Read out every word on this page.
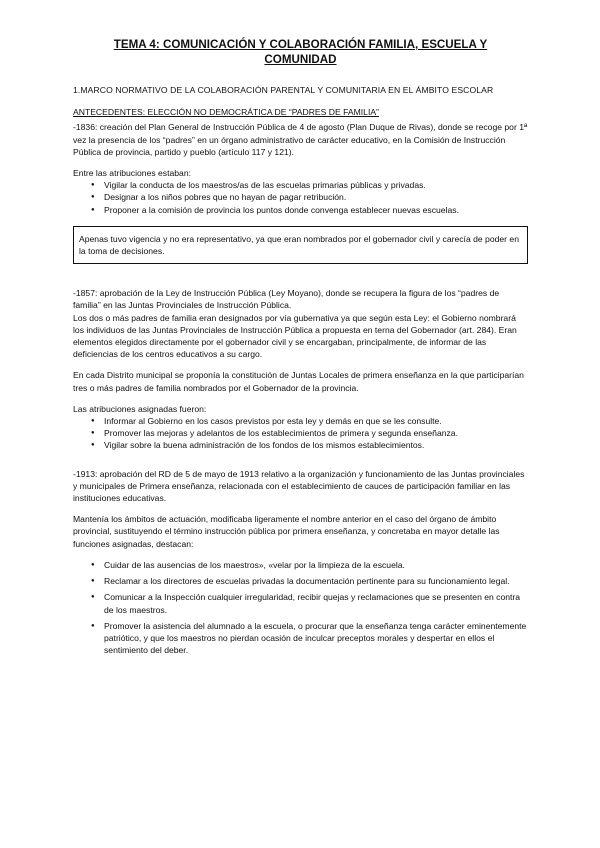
TEMA 4: COMUNICACIÓN Y COLABORACIÓN FAMILIA, ESCUELA Y COMUNIDAD
1.MARCO NORMATIVO DE LA COLABORACIÓN PARENTAL Y COMUNITARIA EN EL ÁMBITO ESCOLAR
ANTECEDENTES: ELECCIÓN NO DEMOCRÁTICA DE “PADRES DE FAMILIA”

-1836: creación del Plan General de Instrucción Pública de 4 de agosto (Plan Duque de Rivas), donde se recoge por 1ª vez la presencia de los “padres” en un órgano administrativo de carácter educativo, en la Comisión de Instrucción Pública de provincia, partido y pueblo (artículo 117 y 121).

Entre las atribuciones estaban:

● Vigilar la conducta de los maestros/as de las escuelas primarias públicas y privadas.
● Designar a los niños pobres que no hayan de pagar retribución.
● Proponer a la comisión de provincia los puntos donde convenga establecer nuevas escuelas.
Apenas tuvo vigencia y no era representativo, ya que eran nombrados por el gobernador civil y carecía de poder en la toma de decisiones.

-1857: aprobación de la Ley de Instrucción Pública (Ley Moyano), donde se recupera la figura de los “padres de familia” en las Juntas Provinciales de Instrucción Pública.

Los dos o más padres de familia eran designados por vía gubernativa ya que según esta Ley: el Gobierno nombrará los individuos de las Juntas Provinciales de Instrucción Pública a propuesta en terna del Gobernador (art. 284). Eran elementos elegidos directamente por el gobernador civil y se encargaban, principalmente, de informar de las deficiencias de los centros educativos a su cargo.

En cada Distrito municipal se proponía la constitución de Juntas Locales de primera enseñanza en la que participarían tres o más padres de familia nombrados por el Gobernador de la provincia.

Las atribuciones asignadas fueron:

● Informar al Gobierno en los casos previstos por esta ley y demás en que se les consulte.
● Promover las mejoras y adelantos de los establecimientos de primera y segunda enseñanza.
● Vigilar sobre la buena administración de los fondos de los mismos establecimientos.

-1913: aprobación del RD de 5 de mayo de 1913 relativo a la organización y funcionamiento de las Juntas provinciales y municipales de Primera enseñanza, relacionada con el establecimiento de cauces de participación familiar en las instituciones educativas.

Mantenía los ámbitos de actuación, modificaba ligeramente el nombre anterior en el caso del órgano de ámbito provincial, sustituyendo el término instrucción pública por primera enseñanza, y concretaba en mayor detalle las funciones asignadas, destacan:

● Cuidar de las ausencias de los maestros», «velar por la limpieza de la escuela.
● Reclamar a los directores de escuelas privadas la documentación pertinente para su funcionamiento legal.
● Comunicar a la Inspección cualquier irregularidad, recibir quejas y reclamaciones que se presenten en contra de los maestros.
● Promover la asistencia del alumnado a la escuela, o procurar que la enseñanza tenga carácter eminentemente patriótico, y que los maestros no pierdan ocasión de inculcar preceptos morales y despertar en ellos el sentimiento del deber.
